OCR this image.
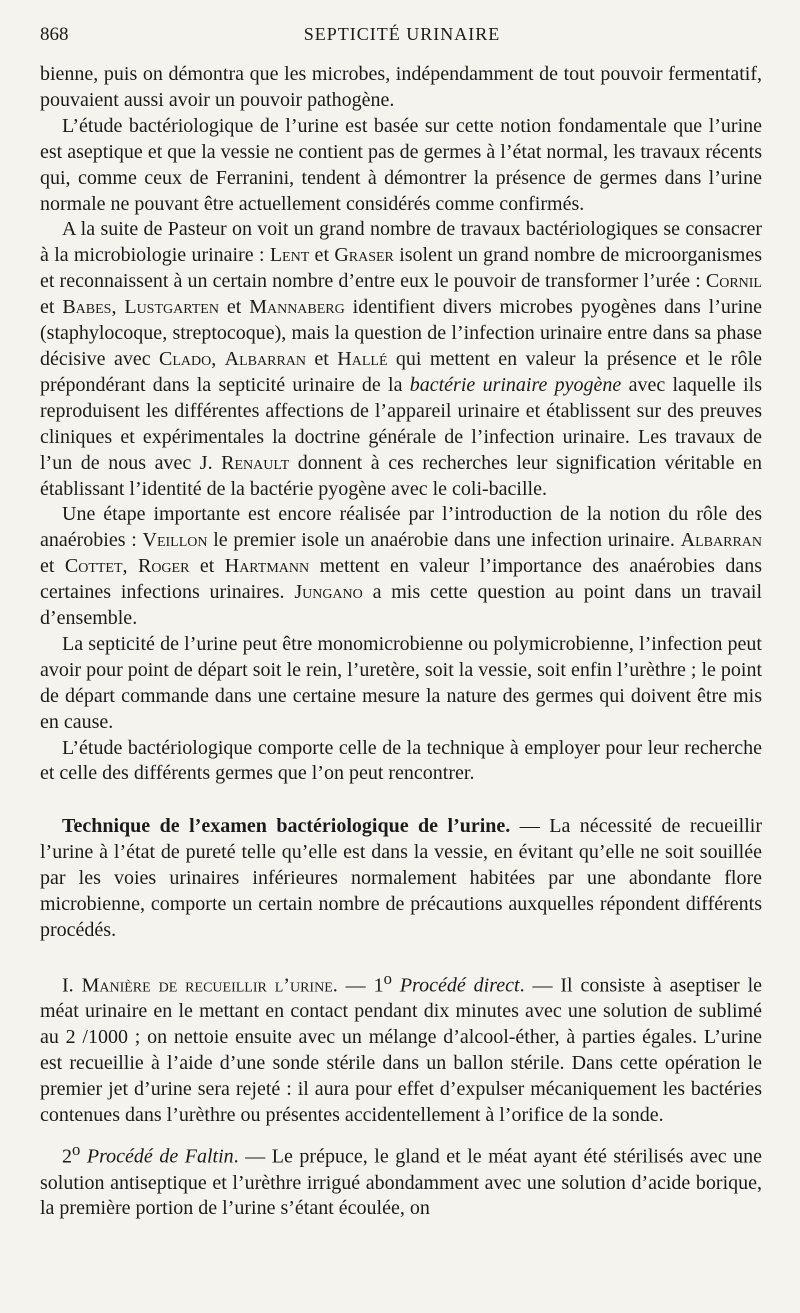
868	SEPTICITÉ URINAIRE

bienne, puis on démontra que les microbes, indépendamment de tout pouvoir fermentatif, pouvaient aussi avoir un pouvoir pathogène.

L’étude bactériologique de l’urine est basée sur cette notion fondamentale que l’urine est aseptique et que la vessie ne contient pas de germes à l’état normal, les travaux récents qui, comme ceux de Ferranini, tendent à démontrer la présence de germes dans l’urine normale ne pouvant être actuellement considérés comme confirmés.

A la suite de Pasteur on voit un grand nombre de travaux bactériologiques se consacrer à la microbiologie urinaire : Lent et Graser isolent un grand nombre de microorganismes et reconnaissent à un certain nombre d’entre eux le pouvoir de transformer l’urée : Cornil et Babes, Lustgarten et Mannaberg identifient divers microbes pyogènes dans l’urine (staphylocoque, streptocoque), mais la question de l’infection urinaire entre dans sa phase décisive avec Clado, Albarran et Hallé qui mettent en valeur la présence et le rôle prépondérant dans la septicité urinaire de la bactérie urinaire pyogène avec laquelle ils reproduisent les différentes affections de l’appareil urinaire et établissent sur des preuves cliniques et expérimentales la doctrine générale de l’infection urinaire. Les travaux de l’un de nous avec J. Renault donnent à ces recherches leur signification véritable en établissant l’identité de la bactérie pyogène avec le coli-bacille.

Une étape importante est encore réalisée par l’introduction de la notion du rôle des anaérobies : Veillon le premier isole un anaérobie dans une infection urinaire. Albarran et Cottet, Roger et Hartmann mettent en valeur l’importance des anaérobies dans certaines infections urinaires. Jungano a mis cette question au point dans un travail d’ensemble.

La septicité de l’urine peut être monomicrobienne ou polymicrobienne, l’infection peut avoir pour point de départ soit le rein, l’uretère, soit la vessie, soit enfin l’urèthre ; le point de départ commande dans une certaine mesure la nature des germes qui doivent être mis en cause.

L’étude bactériologique comporte celle de la technique à employer pour leur recherche et celle des différents germes que l’on peut rencontrer.

Technique de l’examen bactériologique de l’urine. — La nécessité de recueillir l’urine à l’état de pureté telle qu’elle est dans la vessie, en évitant qu’elle ne soit souillée par les voies urinaires inférieures normalement habitées par une abondante flore microbienne, comporte un certain nombre de précautions auxquelles répondent différents procédés.

I. Manière de recueillir l’urine. — 1$^o$ Procédé direct. — Il consiste à aseptiser le méat urinaire en le mettant en contact pendant dix minutes avec une solution de sublimé au 2 /1000 ; on nettoie ensuite avec un mélange d’alcool-éther, à parties égales. L’urine est recueillie à l’aide d’une sonde stérile dans un ballon stérile. Dans cette opération le premier jet d’urine sera rejeté : il aura pour effet d’expulser mécaniquement les bactéries contenues dans l’urèthre ou présentes accidentellement à l’orifice de la sonde.

2$^o$ Procédé de Faltin. — Le prépuce, le gland et le méat ayant été stérilisés avec une solution antiseptique et l’urèthre irrigué abondamment avec une solution d’acide borique, la première portion de l’urine s’étant écoulée, on
